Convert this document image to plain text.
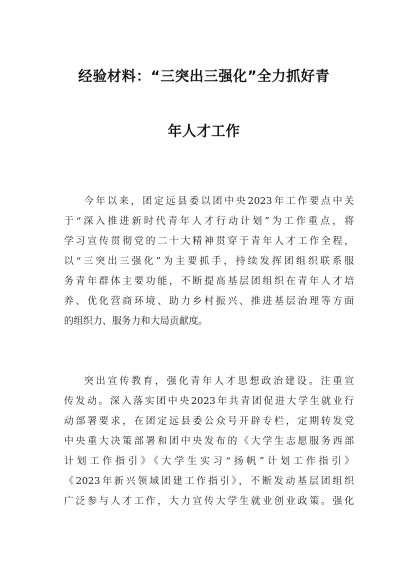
经验材料：“三突出三强化”全力抓好青
年人才工作
今年以来，团定远县委以团中央2023年工作要点中关
于“深入推进新时代青年人才行动计划”为工作重点，将
学习宣传贯彻党的二十大精神贯穿于青年人才工作全程，
以“三突出三强化”为主要抓手，持续发挥团组织联系服
务青年群体主要功能，不断提高基层团组织在青年人才培
养、优化营商环境、助力乡村振兴、推进基层治理等方面
的组织力、服务力和大局贡献度。
突出宣传教育，强化青年人才思想政治建设。注重宣
传发动。深入落实团中央2023年共青团促进大学生就业行
动部署要求，在团定远县委公众号开辟专栏，定期转发党
中央重大决策部署和团中央发布的《大学生志愿服务西部
计划工作指引》《大学生实习“扬帆”计划工作指引》
《2023年新兴领域团建工作指引》，不断发动基层团组织
广泛参与人才工作，大力宣传大学生就业创业政策。强化
